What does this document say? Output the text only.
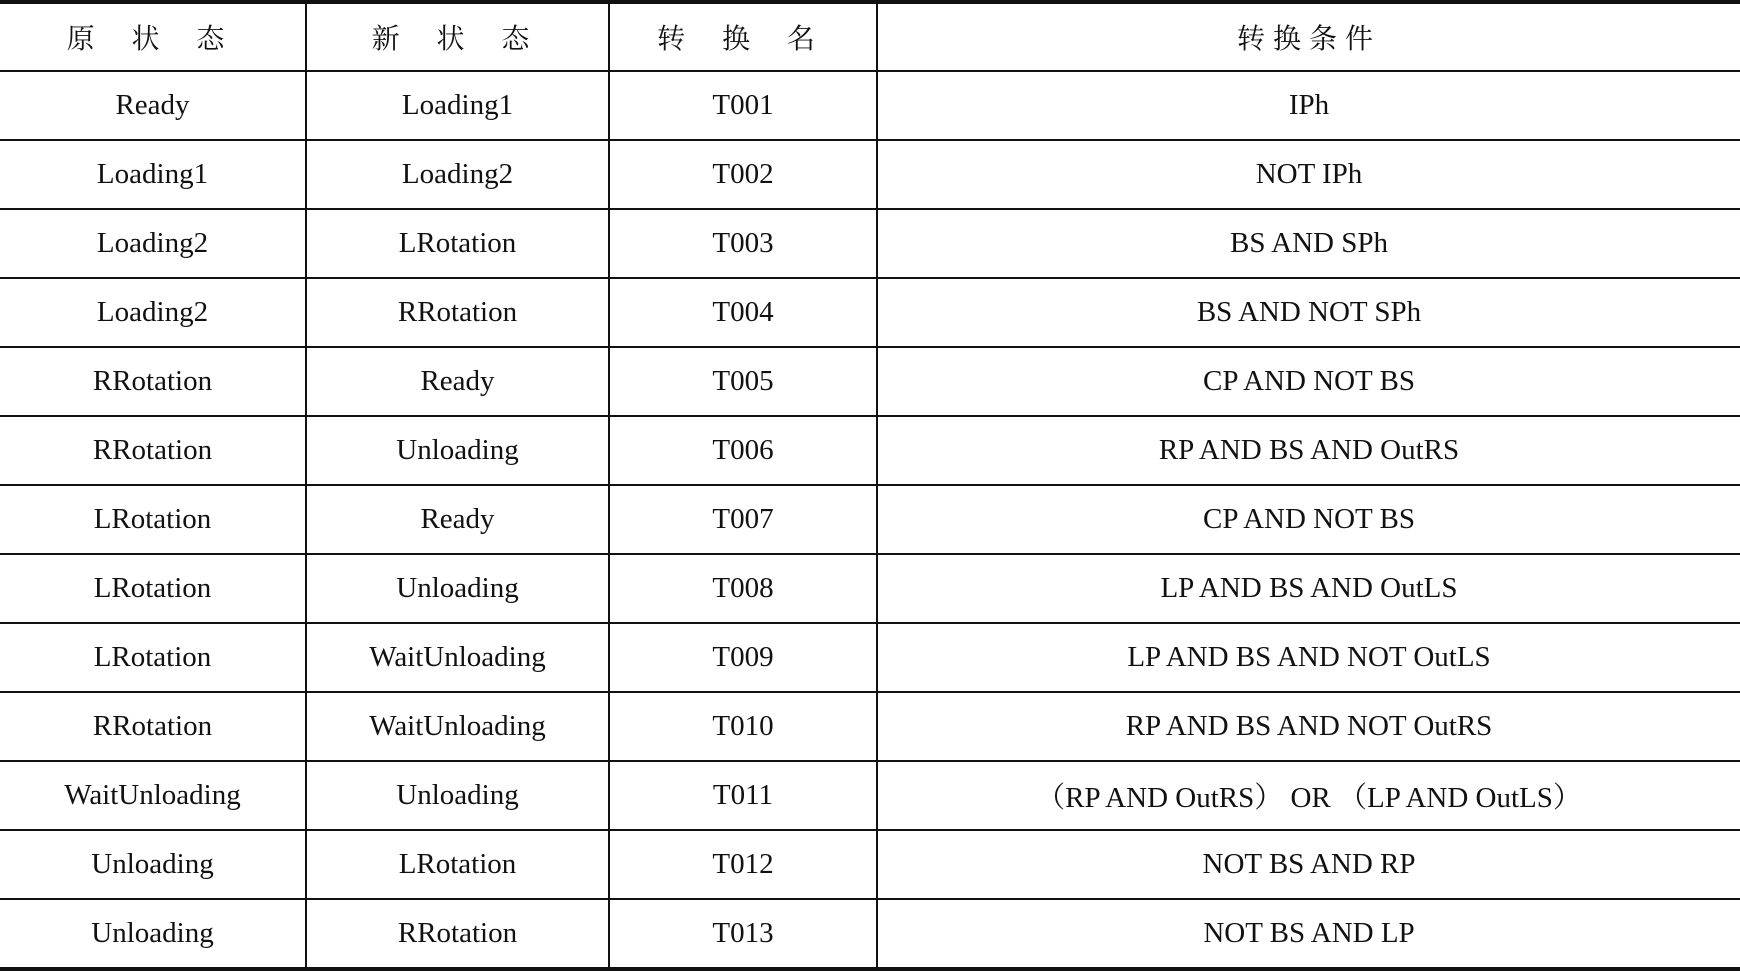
原 状 态	新 状 态	转 换 名	转换条件
Ready	Loading1	T001	IPh
Loading1	Loading2	T002	NOT IPh
Loading2	LRotation	T003	BS AND SPh
Loading2	RRotation	T004	BS AND NOT SPh
RRotation	Ready	T005	CP AND NOT BS
RRotation	Unloading	T006	RP AND BS AND OutRS
LRotation	Ready	T007	CP AND NOT BS
LRotation	Unloading	T008	LP AND BS AND OutLS
LRotation	WaitUnloading	T009	LP AND BS AND NOT OutLS
RRotation	WaitUnloading	T010	RP AND BS AND NOT OutRS
WaitUnloading	Unloading	T011	（RP AND OutRS） OR （LP AND OutLS）
Unloading	LRotation	T012	NOT BS AND RP
Unloading	RRotation	T013	NOT BS AND LP
